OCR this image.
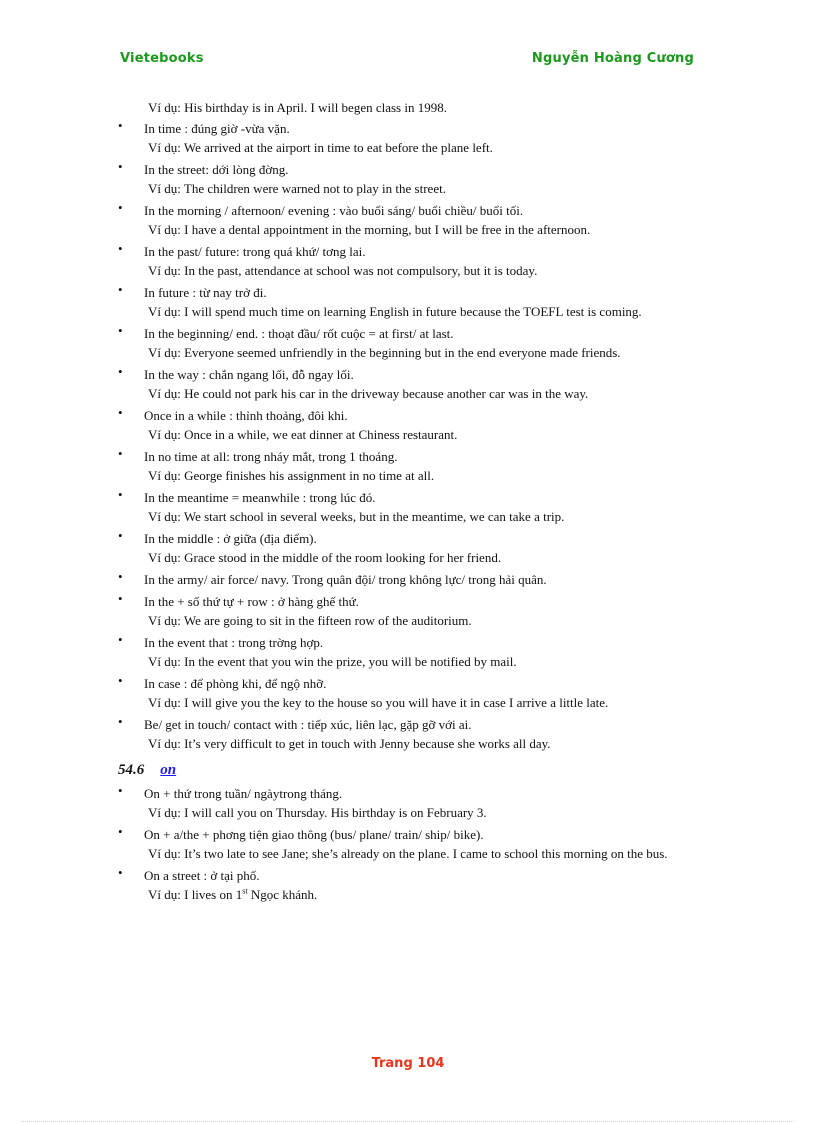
Vietebooks	Nguyễn Hoàng Cương
Ví dụ: His birthday is in April. I will begen class in 1998.
• In time : đúng giờ -vừa vặn.
Ví dụ: We arrived at the airport in time to eat before the plane left.
• In the street: dới lòng đờng.
Ví dụ: The children were warned not to play in the street.
• In the morning / afternoon/ evening : vào buổi sáng/ buổi chiều/ buổi tối.
Ví dụ: I have a dental appointment in the morning, but I will be free in the afternoon.
• In the past/ future: trong quá khứ/ tơng lai.
Ví dụ: In the past, attendance at school was not compulsory, but it is today.
• In future : từ nay trở đi.
Ví dụ: I will spend much time on learning English in future because the TOEFL test is coming.
• In the beginning/ end. : thoạt đầu/ rốt cuộc = at first/ at last.
Ví dụ: Everyone seemed unfriendly in the beginning but in the end everyone made friends.
• In the way : chắn ngang lối, đỗ ngay lối.
Ví dụ: He could not park his car in the driveway because another car was in the way.
• Once in a while : thỉnh thoảng, đôi khi.
Ví dụ: Once in a while, we eat dinner at Chiness restaurant.
• In no time at all: trong nháy mắt, trong 1 thoáng.
Ví dụ: George finishes his assignment in no time at all.
• In the meantime = meanwhile : trong lúc đó.
Ví dụ: We start school in several weeks, but in the meantime, we can take a trip.
• In the middle : ở giữa (địa điểm).
Ví dụ: Grace stood in the middle of the room looking for her friend.
• In the army/ air force/ navy. Trong quân đội/ trong không lực/ trong hải quân.
• In the + số thứ tự + row : ở hàng ghế thứ.
Ví dụ: We are going to sit in the fifteen row of the auditorium.
• In the event that : trong trờng hợp.
Ví dụ: In the event that you win the prize, you will be notified by mail.
• In case : để phòng khi, để ngộ nhỡ.
Ví dụ: I will give you the key to the house so you will have it in case I arrive a little late.
• Be/ get in touch/ contact with : tiếp xúc, liên lạc, gặp gỡ với ai.
Ví dụ: It’s very difficult to get in touch with Jenny because she works all day.
54.6 on
• On + thứ trong tuần/ ngàytrong tháng.
Ví dụ: I will call you on Thursday. His birthday is on February 3.
• On + a/the + phơng tiện giao thông (bus/ plane/ train/ ship/ bike).
Ví dụ: It’s two late to see Jane; she’s already on the plane. I came to school this morning on the bus.
• On a street : ở tại phố.
Ví dụ: I lives on 1st Ngọc khánh.
Trang 104
